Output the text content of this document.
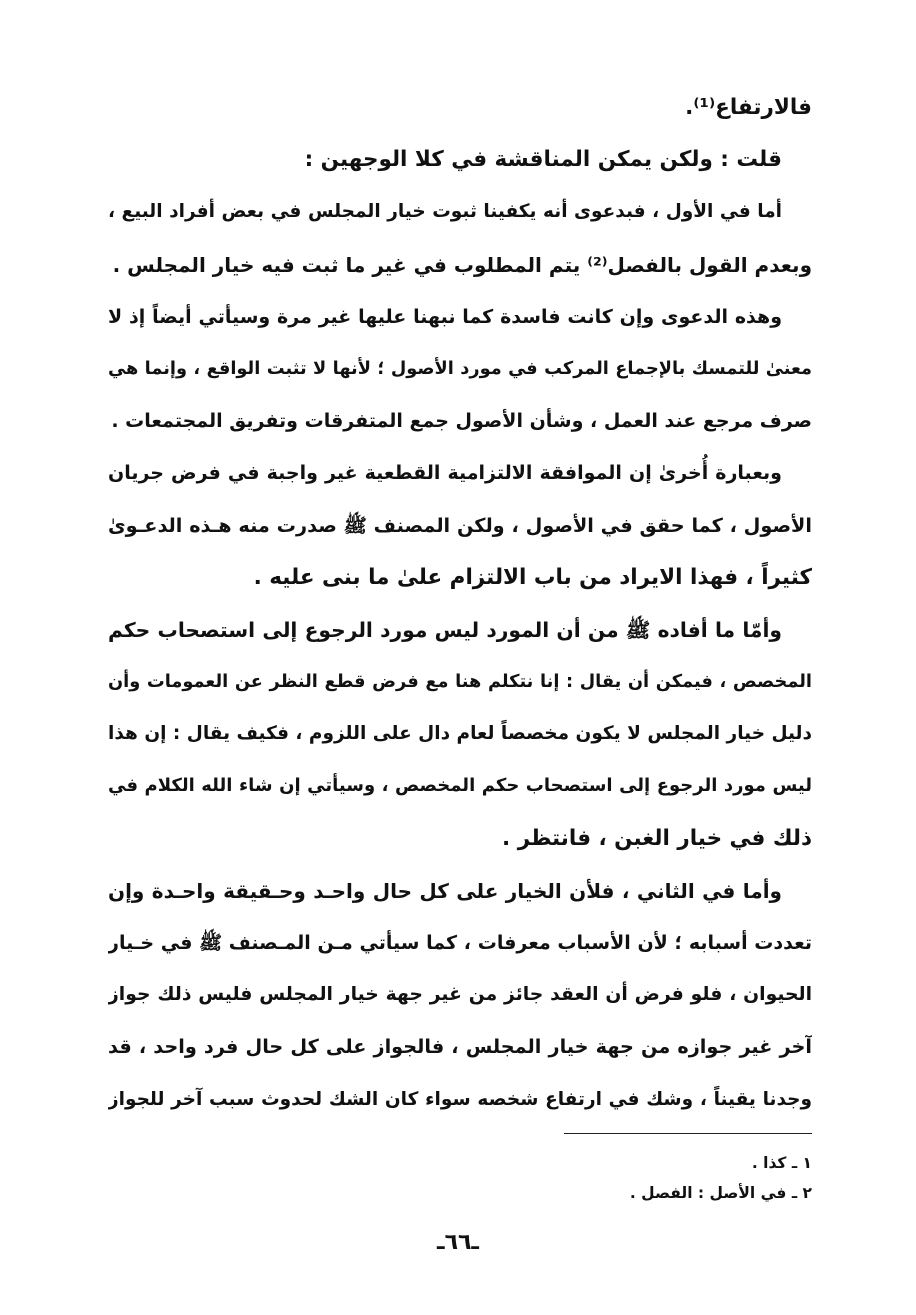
فالارتفاع⁽¹⁾.
قلت : ولكن يمكن المناقشة في كلا الوجهين :
أما في الأول ، فبدعوى أنه يكفينا ثبوت خيار المجلس في بعض أفراد البيع ،
وبعدم القول بالفصل⁽²⁾ يتم المطلوب في غير ما ثبت فيه خيار المجلس .
وهذه الدعوى وإن كانت فاسدة كما نبهنا عليها غير مرة وسيأتي أيضاً إذ لا
معنىٰ للتمسك بالإجماع المركب في مورد الأصول ؛ لأنها لا تثبت الواقع ، وإنما هي
صرف مرجع عند العمل ، وشأن الأصول جمع المتفرقات وتفريق المجتمعات .
وبعبارة أُخرىٰ إن الموافقة الالتزامية القطعية غير واجبة في فرض جريان
الأصول ، كما حقق في الأصول ، ولكن المصنف ﷺ صدرت منه هـذه الدعـوىٰ
كثيراً ، فهذا الايراد من باب الالتزام علىٰ ما بنى عليه .
وأمّا ما أفاده ﷺ من أن المورد ليس مورد الرجوع إلى استصحاب حكم
المخصص ، فيمكن أن يقال : إنا نتكلم هنا مع فرض قطع النظر عن العمومات وأن
دليل خيار المجلس لا يكون مخصصاً لعام دال على اللزوم ، فكيف يقال : إن هذا
ليس مورد الرجوع إلى استصحاب حكم المخصص ، وسيأتي إن شاء الله الكلام في
ذلك في خيار الغبن ، فانتظر .
وأما في الثاني ، فلأن الخيار على كل حال واحـد وحـقيقة واحـدة وإن
تعددت أسبابه ؛ لأن الأسباب معرفات ، كما سيأتي مـن المـصنف ﷺ في خـيار
الحيوان ، فلو فرض أن العقد جائز من غير جهة خيار المجلس فليس ذلك جواز
آخر غير جوازه من جهة خيار المجلس ، فالجواز على كل حال فرد واحد ، قد
وجدنا يقيناً ، وشك في ارتفاع شخصه سواء كان الشك لحدوث سبب آخر للجواز
١ ـ كذا .
٢ ـ في الأصل : الفصل .
ـ٦٦ـ
